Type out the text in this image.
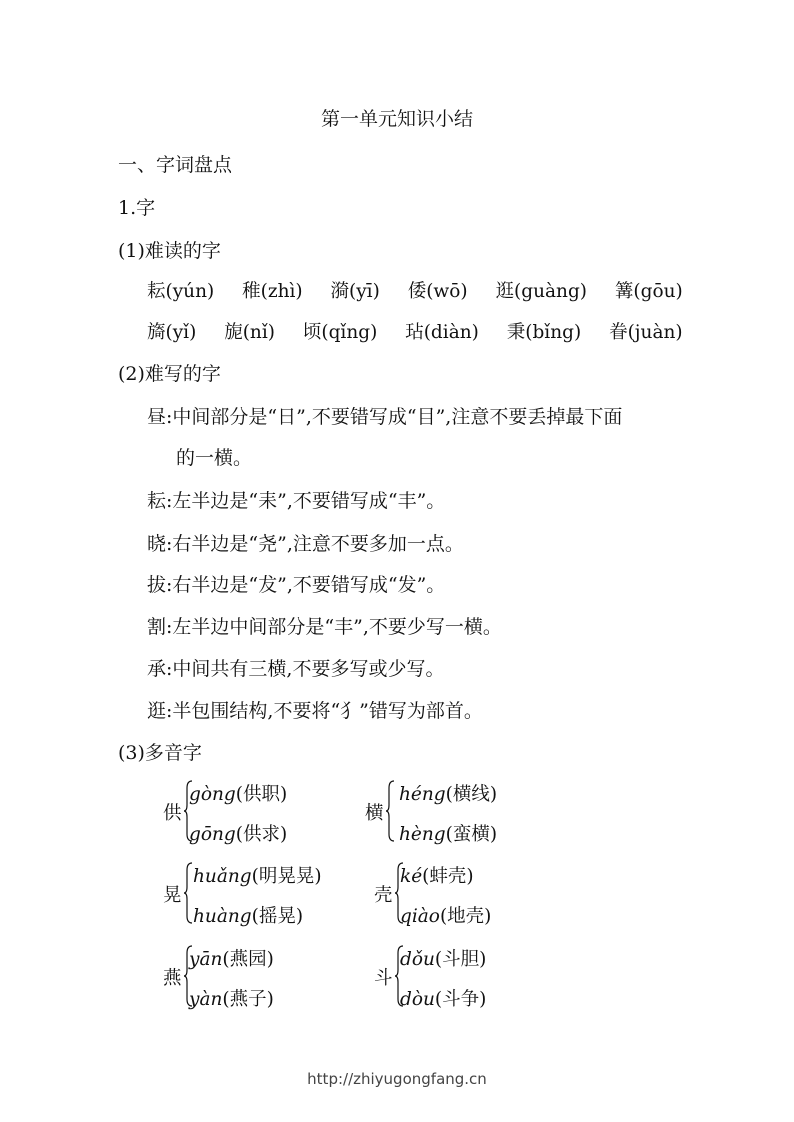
第一单元知识小结
一、字词盘点
1.字
(1)难读的字
耘(yún) 稚(zhì) 漪(yī) 倭(wō) 逛(guàng) 篝(gōu)
旖(yǐ) 旎(nǐ) 顷(qǐng) 玷(diàn) 秉(bǐng) 眷(juàn)
(2)难写的字
昼:中间部分是“日”,不要错写成“目”,注意不要丢掉最下面
的一横。
耘:左半边是“耒”,不要错写成“丰”。
晓:右半边是“尧”,注意不要多加一点。
拔:右半边是“犮”,不要错写成“发”。
割:左半边中间部分是“丰”,不要少写一横。
承:中间共有三横,不要多写或少写。
逛:半包围结构,不要将“犭”错写为部首。
(3)多音字
供
gòng(供职)
gōng(供求)
横
héng(横线)
hèng(蛮横)
晃
huǎng(明晃晃)
huàng(摇晃)
壳
ké(蚌壳)
qiào(地壳)
燕
yān(燕园)
yàn(燕子)
斗
dǒu(斗胆)
dòu(斗争)
http://zhiyugongfang.cn
